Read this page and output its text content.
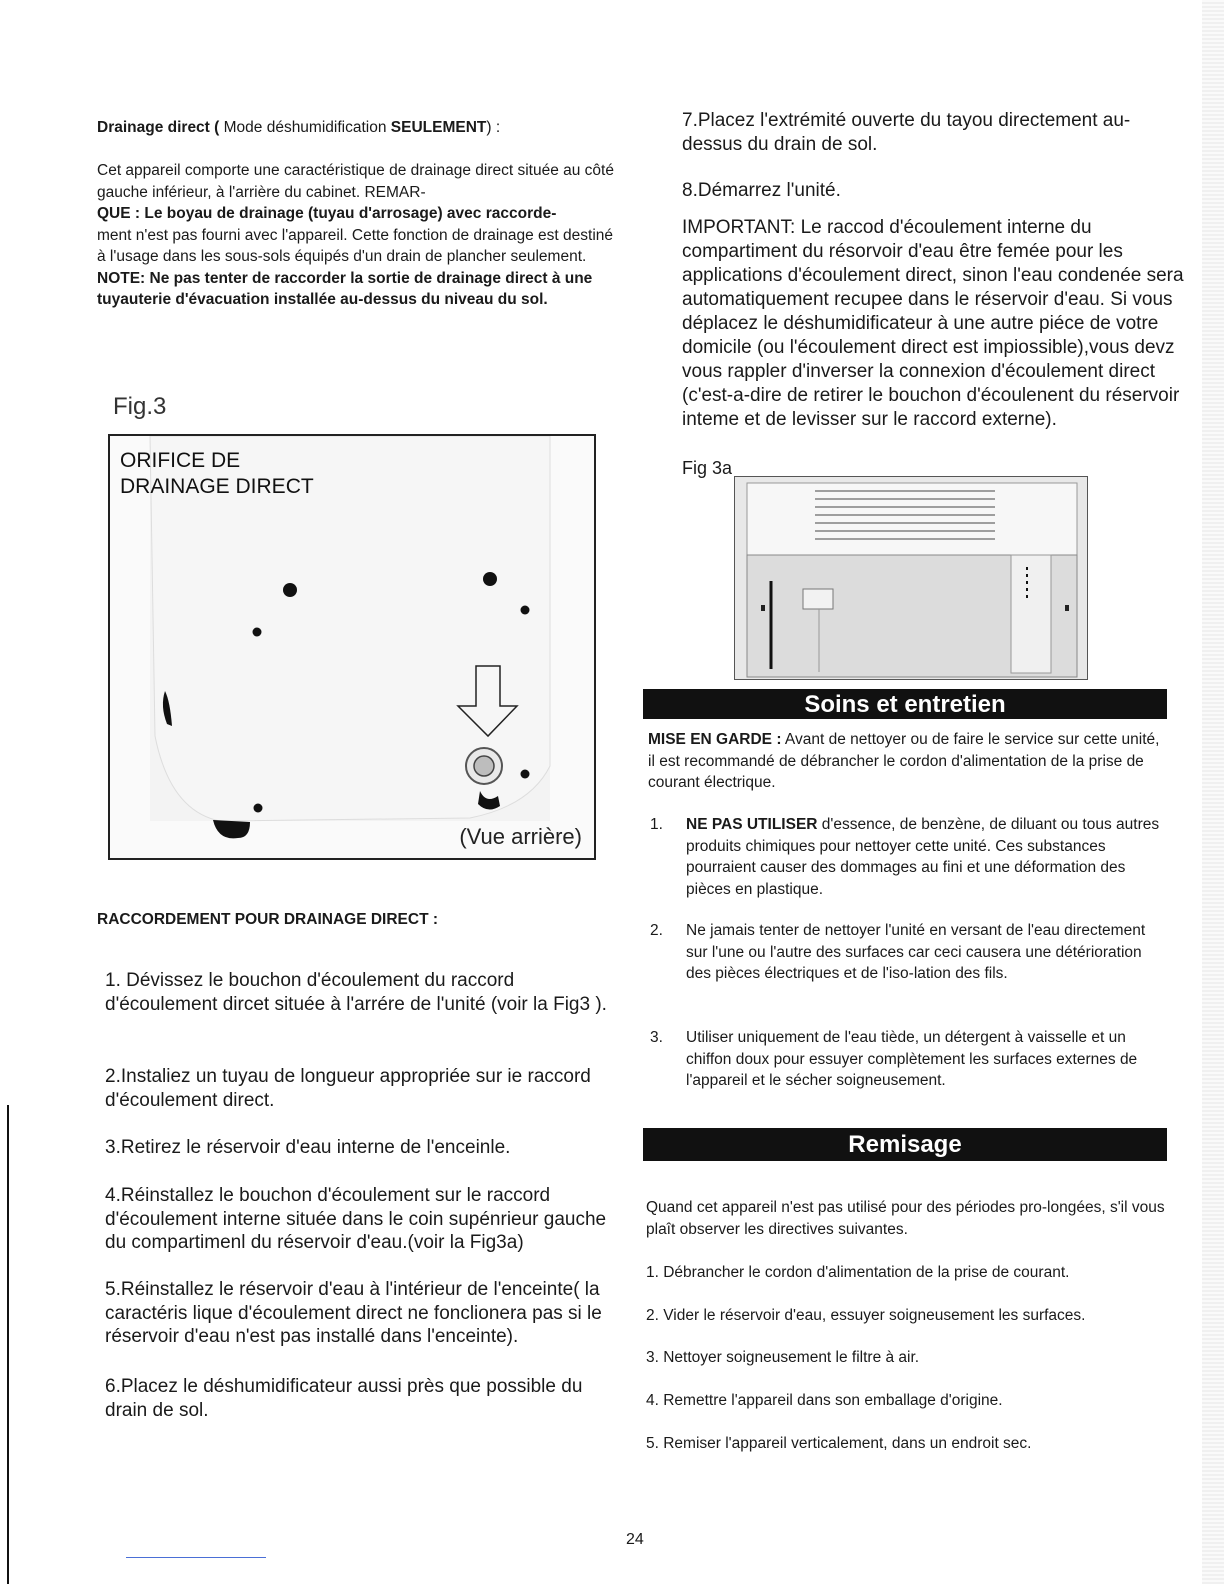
Drainage direct ( Mode déshumidification SEULEMENT) :
Cet appareil comporte une caractéristique de drainage direct située au côté gauche inférieur, à l'arrière du cabinet. REMAR-
QUE : Le boyau de drainage (tuyau d'arrosage) avec raccorde-
ment n'est pas fourni avec l'appareil. Cette fonction de drainage est destiné à l'usage dans les sous-sols équipés d'un drain de plancher seulement.
NOTE: Ne pas tenter de raccorder la sortie de drainage direct à une tuyauterie d'évacuation installée au-dessus du niveau du sol.
Fig.3
ORIFICE DE
DRAINAGE DIRECT
(Vue arrière)
RACCORDEMENT POUR DRAINAGE DIRECT :
1. Dévissez le bouchon d'écoulement du raccord d'écoulement dircet située à l'arrére de l'unité (voir la Fig3 ).
2.Instaliez un tuyau de longueur appropriée sur ie raccord d'écoulement direct.
3.Retirez le réservoir d'eau interne de l'enceinle.
4.Réinstallez le bouchon d'écoulement sur le raccord d'écoulement interne située dans le coin supénrieur gauche du compartimenl du réservoir d'eau.(voir la Fig3a)
5.Réinstallez le réservoir d'eau à l'intérieur de l'enceinte( la caractéris lique d'écoulement direct ne fonclionera pas si le réservoir d'eau n'est pas installé dans l'enceinte).
6.Placez le déshumidificateur aussi près que possible du drain de sol.
7.Placez l'extrémité ouverte du tayou directement au-dessus du drain de sol.
8.Démarrez l'unité.
IMPORTANT: Le raccod d'écoulement interne du compartiment du résorvoir d'eau être femée pour les applications d'écoulement direct, sinon l'eau condenée sera automatiquement recupee dans le réservoir d'eau. Si vous déplacez le déshumidificateur à une autre piéce de votre domicile (ou l'écoulement direct est impiossible),vous devz vous rappler d'inverser la connexion d'écoulement direct (c'est-a-dire de retirer le bouchon d'écoulenent du réservoir inteme et de levisser sur le raccord externe).
Fig 3a
Soins et entretien
MISE EN GARDE : Avant de nettoyer ou de faire le service sur cette unité, il est recommandé de débrancher le cordon d'alimentation de la prise de courant électrique.
1. NE PAS UTILISER d'essence, de benzène, de diluant ou tous autres produits chimiques pour nettoyer cette unité. Ces substances pourraient causer des dommages au fini et une déformation des pièces en plastique.
2. Ne jamais tenter de nettoyer l'unité en versant de l'eau directement sur l'une ou l'autre des surfaces car ceci causera une détérioration des pièces électriques et de l'iso-lation des fils.
3. Utiliser uniquement de l'eau tiède, un détergent à vaisselle et un chiffon doux pour essuyer complètement les surfaces externes de l'appareil et le sécher soigneusement.
Remisage
Quand cet appareil n'est pas utilisé pour des périodes pro-longées, s'il vous plaît observer les directives suivantes.
1. Débrancher le cordon d'alimentation de la prise de courant.
2. Vider le réservoir d'eau, essuyer soigneusement les surfaces.
3. Nettoyer soigneusement le filtre à air.
4. Remettre l'appareil dans son emballage d'origine.
5. Remiser l'appareil verticalement, dans un endroit sec.
24
